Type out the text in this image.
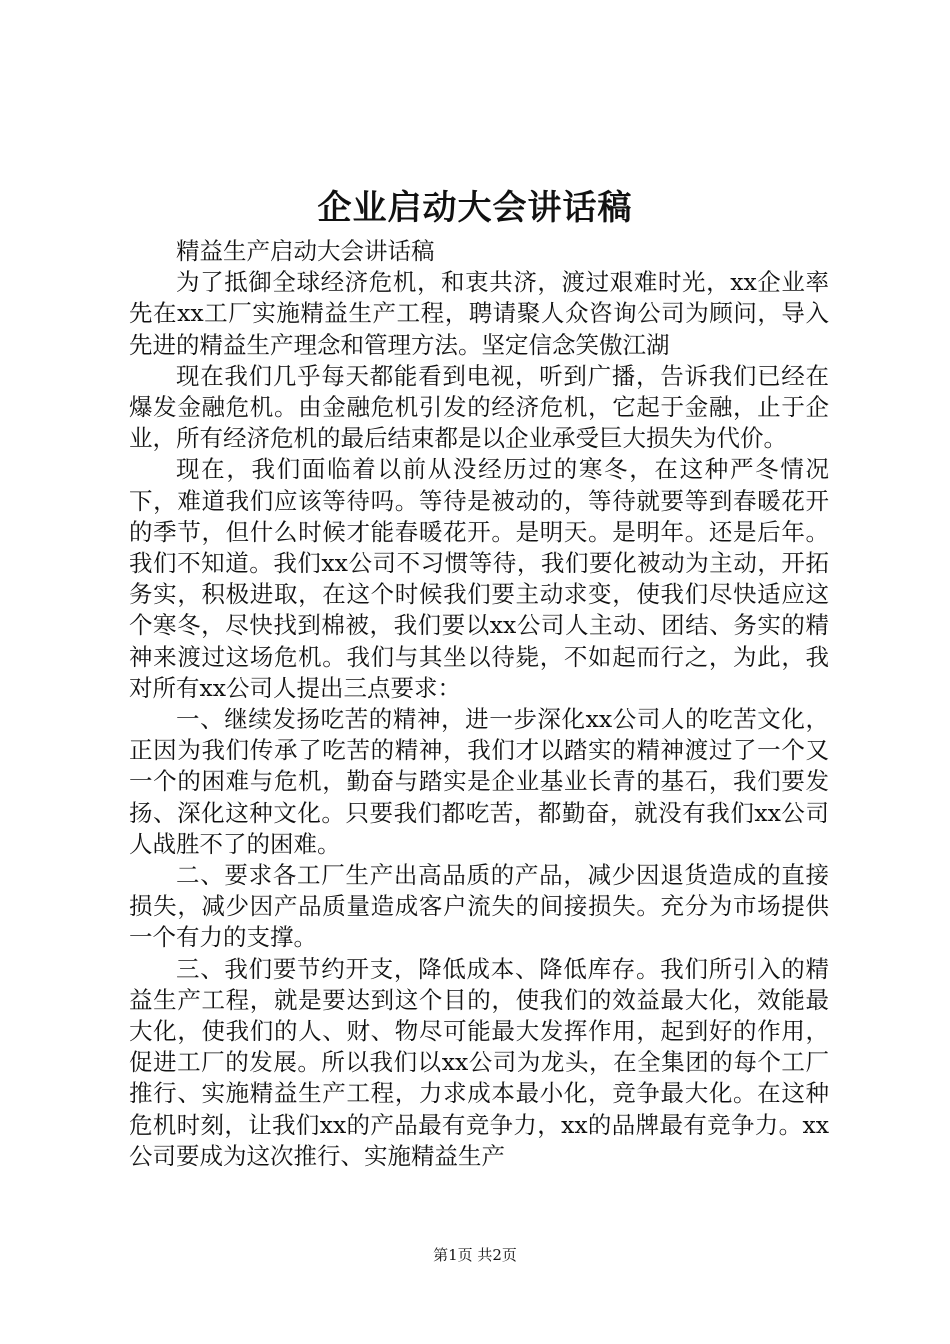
企业启动大会讲话稿

精益生产启动大会讲话稿

为了抵御全球经济危机，和衷共济，渡过艰难时光，xx企业率先在xx工厂实施精益生产工程，聘请聚人众咨询公司为顾问，导入先进的精益生产理念和管理方法。坚定信念笑傲江湖

现在我们几乎每天都能看到电视，听到广播，告诉我们已经在爆发金融危机。由金融危机引发的经济危机，它起于金融，止于企业，所有经济危机的最后结束都是以企业承受巨大损失为代价。

现在，我们面临着以前从没经历过的寒冬，在这种严冬情况下，难道我们应该等待吗。等待是被动的，等待就要等到春暖花开的季节，但什么时候才能春暖花开。是明天。是明年。还是后年。我们不知道。我们xx公司不习惯等待，我们要化被动为主动，开拓务实，积极进取，在这个时候我们要主动求变，使我们尽快适应这个寒冬，尽快找到棉被，我们要以xx公司人主动、团结、务实的精神来渡过这场危机。我们与其坐以待毙，不如起而行之，为此，我对所有xx公司人提出三点要求：

一、继续发扬吃苦的精神，进一步深化xx公司人的吃苦文化，正因为我们传承了吃苦的精神，我们才以踏实的精神渡过了一个又一个的困难与危机，勤奋与踏实是企业基业长青的基石，我们要发扬、深化这种文化。只要我们都吃苦，都勤奋，就没有我们xx公司人战胜不了的困难。

二、要求各工厂生产出高品质的产品，减少因退货造成的直接损失，减少因产品质量造成客户流失的间接损失。充分为市场提供一个有力的支撑。

三、我们要节约开支，降低成本、降低库存。我们所引入的精益生产工程，就是要达到这个目的，使我们的效益最大化，效能最大化，使我们的人、财、物尽可能最大发挥作用，起到好的作用，促进工厂的发展。所以我们以xx公司为龙头，在全集团的每个工厂推行、实施精益生产工程，力求成本最小化，竞争最大化。在这种危机时刻，让我们xx的产品最有竞争力，xx的品牌最有竞争力。xx公司要成为这次推行、实施精益生产

第1页 共2页
